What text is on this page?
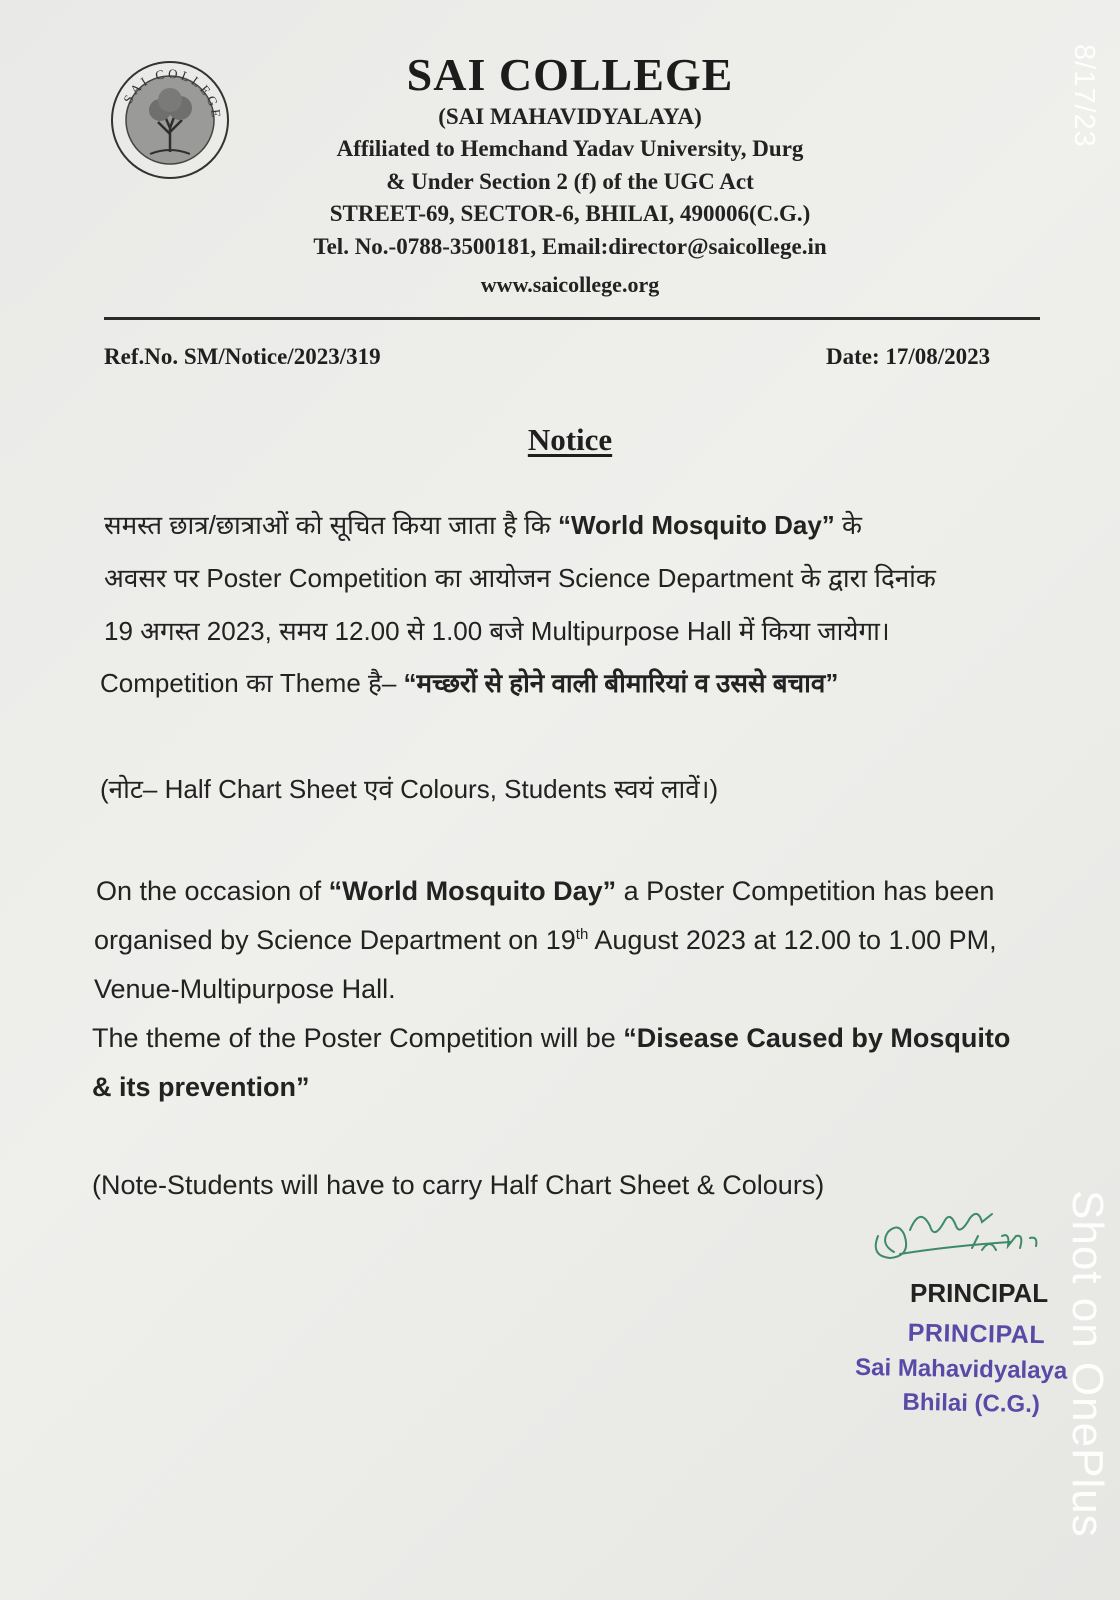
SAI COLLEGE
SAI COLLEGE
(SAI MAHAVIDYALAYA)
Affiliated to Hemchand Yadav University, Durg
& Under Section 2 (f) of the UGC Act
STREET-69, SECTOR-6, BHILAI, 490006(C.G.)
Tel. No.-0788-3500181, Email:director@saicollege.in
www.saicollege.org
Ref.No. SM/Notice/2023/319	Date: 17/08/2023
Notice
समस्त छात्र/छात्राओं को सूचित किया जाता है कि “World Mosquito Day” के
अवसर पर Poster Competition का आयोजन Science Department के द्वारा दिनांक
19 अगस्त 2023, समय 12.00 से 1.00 बजे Multipurpose Hall में किया जायेगा।
Competition का Theme है– “मच्छरों से होने वाली बीमारियां व उससे बचाव”
(नोट– Half Chart Sheet एवं Colours, Students स्वयं लावें।)
On the occasion of “World Mosquito Day” a Poster Competition has been
organised by Science Department on 19th August 2023 at 12.00 to 1.00 PM,
Venue-Multipurpose Hall.
The theme of the Poster Competition will be “Disease Caused by Mosquito
& its prevention”
(Note-Students will have to carry Half Chart Sheet & Colours)
PRINCIPAL
PRINCIPAL
Sai Mahavidyalaya
Bhilai (C.G.)
8/17/23
Shot on OnePlus
